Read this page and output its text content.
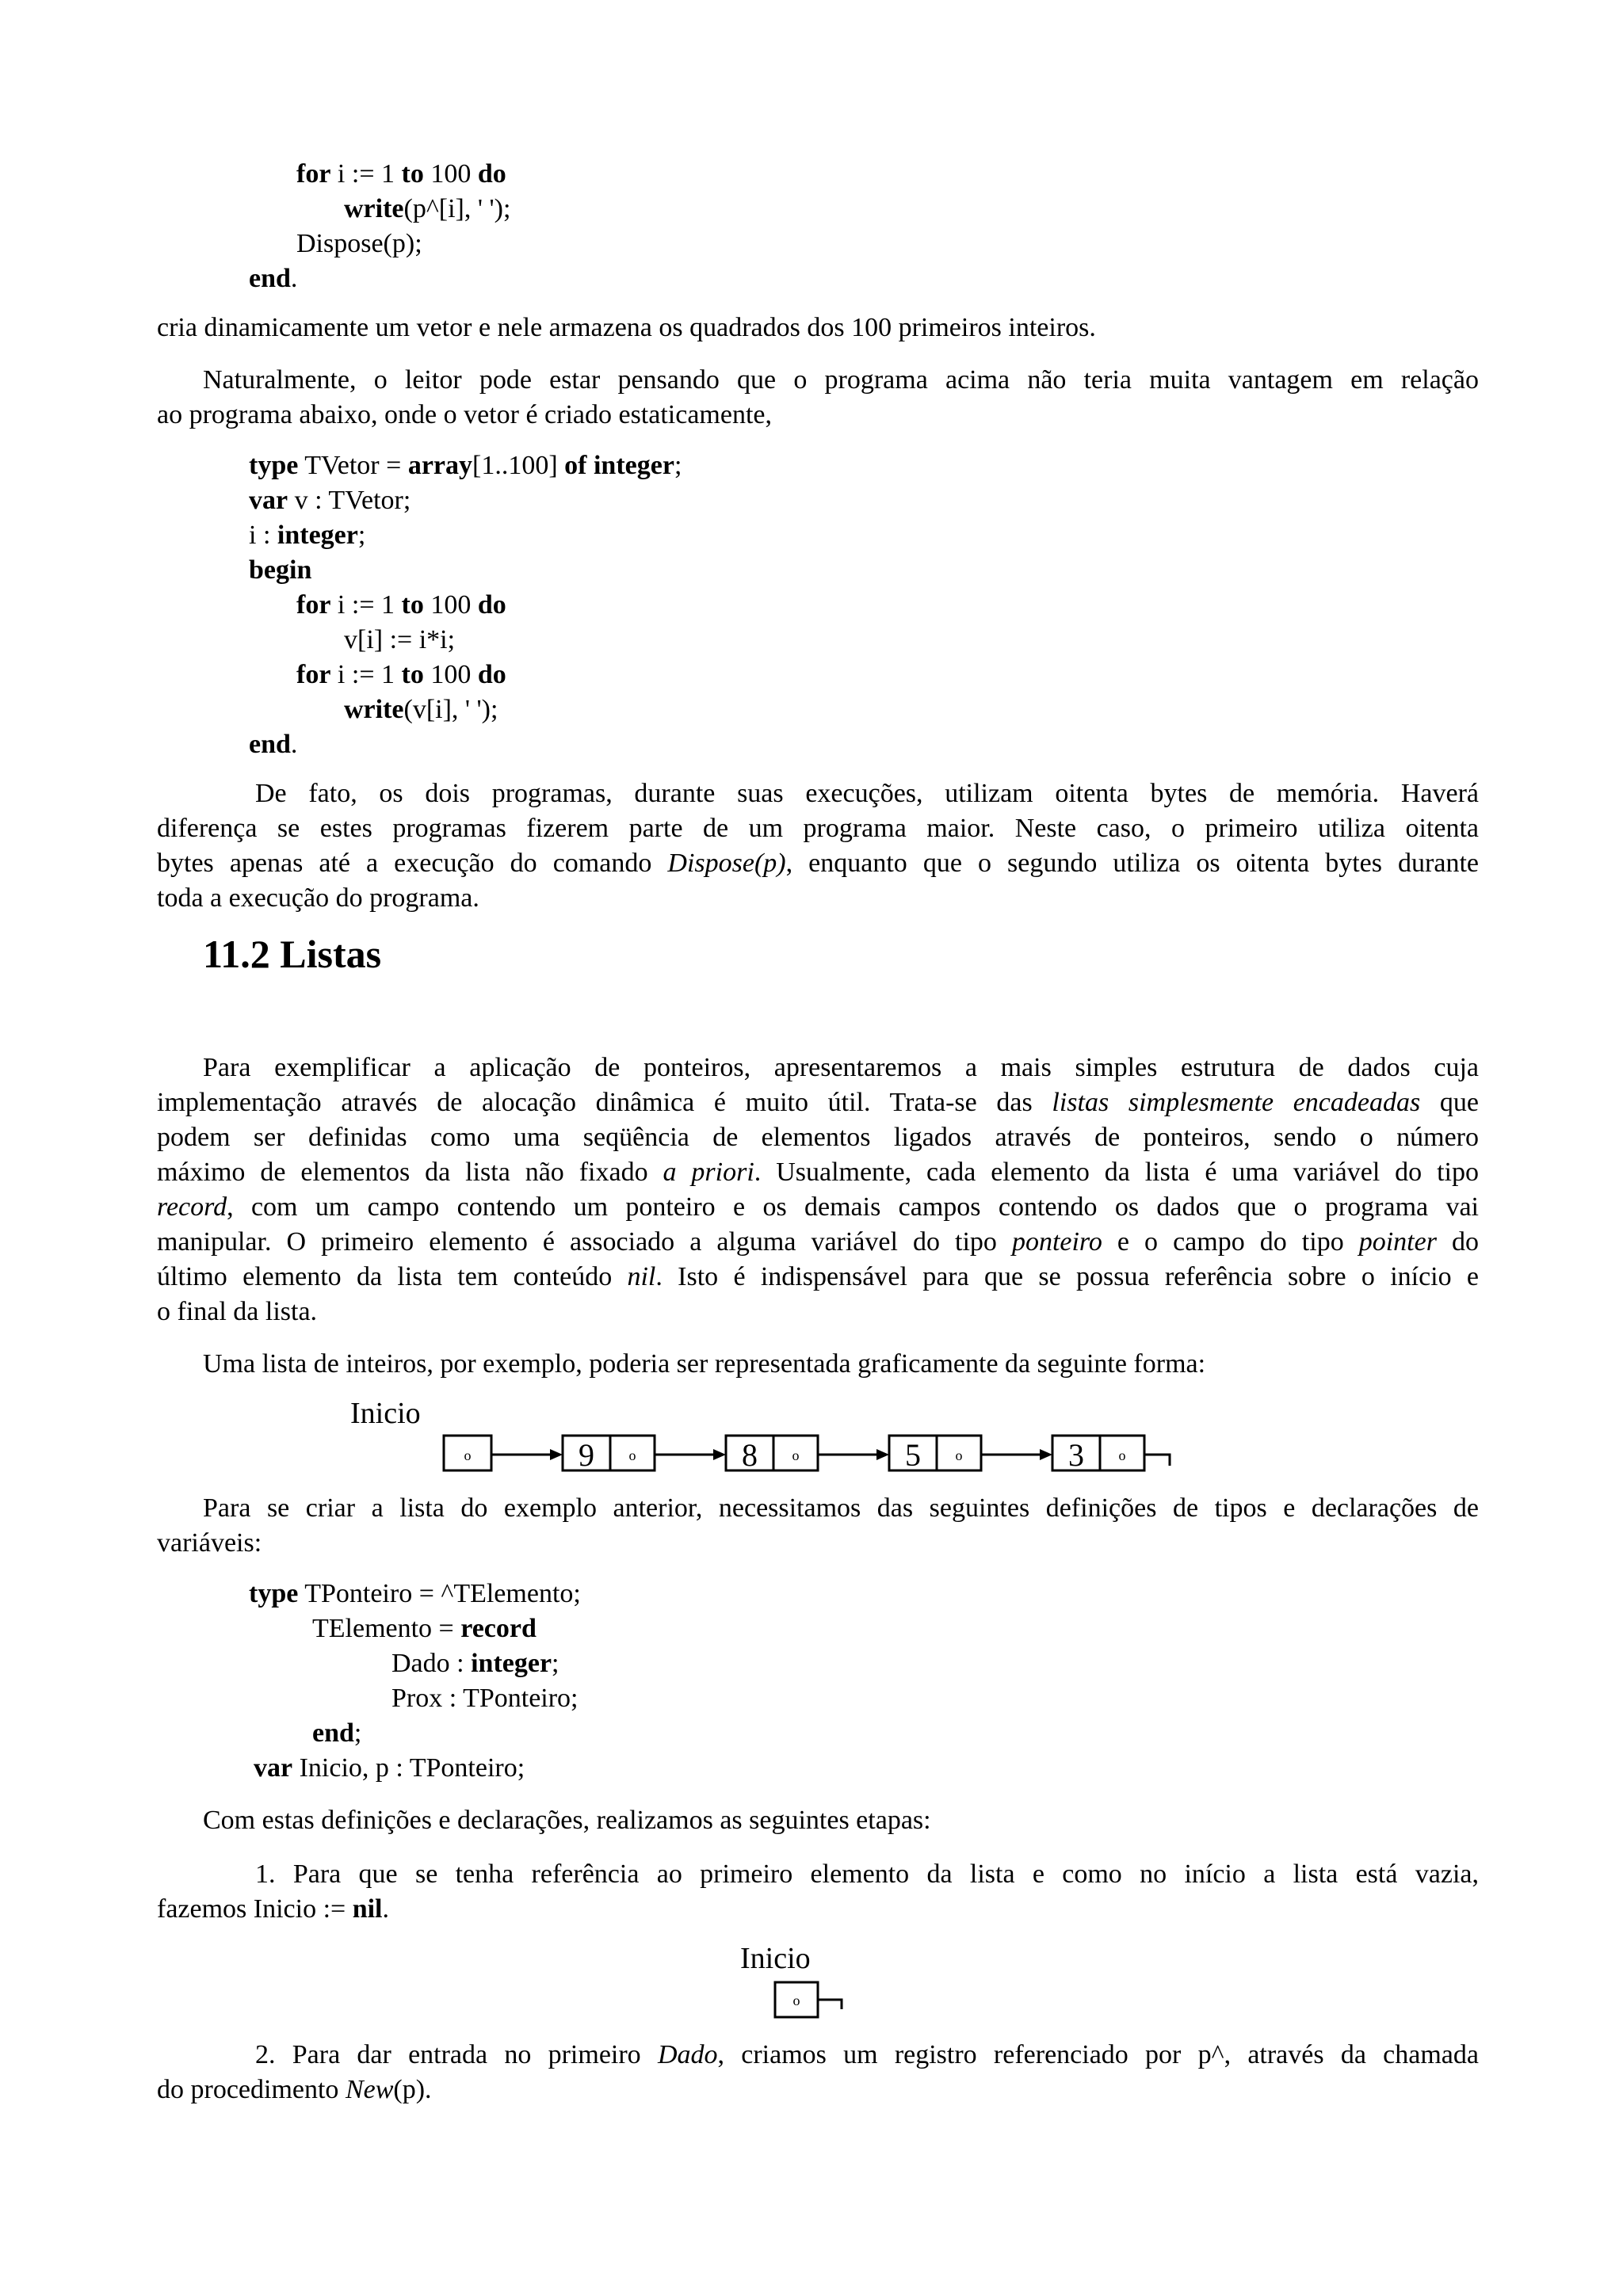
for i := 1 to 100 do
write(p^[i], ' ');
Dispose(p);
end.
cria dinamicamente um vetor e nele armazena os quadrados dos 100 primeiros inteiros.
Naturalmente, o leitor pode estar pensando que o programa acima não teria muita vantagem em relação
ao programa abaixo, onde o vetor é criado estaticamente,
type TVetor = array[1..100] of integer;
var v : TVetor;
i : integer;
begin
for i := 1 to 100 do
v[i] := i*i;
for i := 1 to 100 do
write(v[i], ' ');
end.
De fato, os dois programas, durante suas execuções, utilizam oitenta bytes de memória. Haverá
diferença se estes programas fizerem parte de um programa maior. Neste caso, o primeiro utiliza oitenta
bytes apenas até a execução do comando Dispose(p), enquanto que o segundo utiliza os oitenta bytes durante
toda a execução do programa.
11.2 Listas
Para exemplificar a aplicação de ponteiros, apresentaremos a mais simples estrutura de dados cuja
implementação através de alocação dinâmica é muito útil. Trata-se das listas simplesmente encadeadas que
podem ser definidas como uma seqüência de elementos ligados através de ponteiros, sendo o número
máximo de elementos da lista não fixado a priori. Usualmente, cada elemento da lista é uma variável do tipo
record, com um campo contendo um ponteiro e os demais campos contendo os dados que o programa vai
manipular. O primeiro elemento é associado a alguma variável do tipo ponteiro e o campo do tipo pointer do
último elemento da lista tem conteúdo nil. Isto é indispensável para que se possua referência sobre o início e
o final da lista.
Uma lista de inteiros, por exemplo, poderia ser representada graficamente da seguinte forma:
Inicio
o	9 o	8 o	5 o	3 o
o
Para se criar a lista do exemplo anterior, necessitamos das seguintes definições de tipos e declarações de
variáveis:
type TPonteiro = ^TElemento;
TElemento = record
Dado : integer;
Prox : TPonteiro;
end;
var Inicio, p : TPonteiro;
Com estas definições e declarações, realizamos as seguintes etapas:
1. Para que se tenha referência ao primeiro elemento da lista e como no início a lista está vazia,
fazemos Inicio := nil.
Inicio
2. Para dar entrada no primeiro Dado, criamos um registro referenciado por p^, através da chamada
do procedimento New(p).
